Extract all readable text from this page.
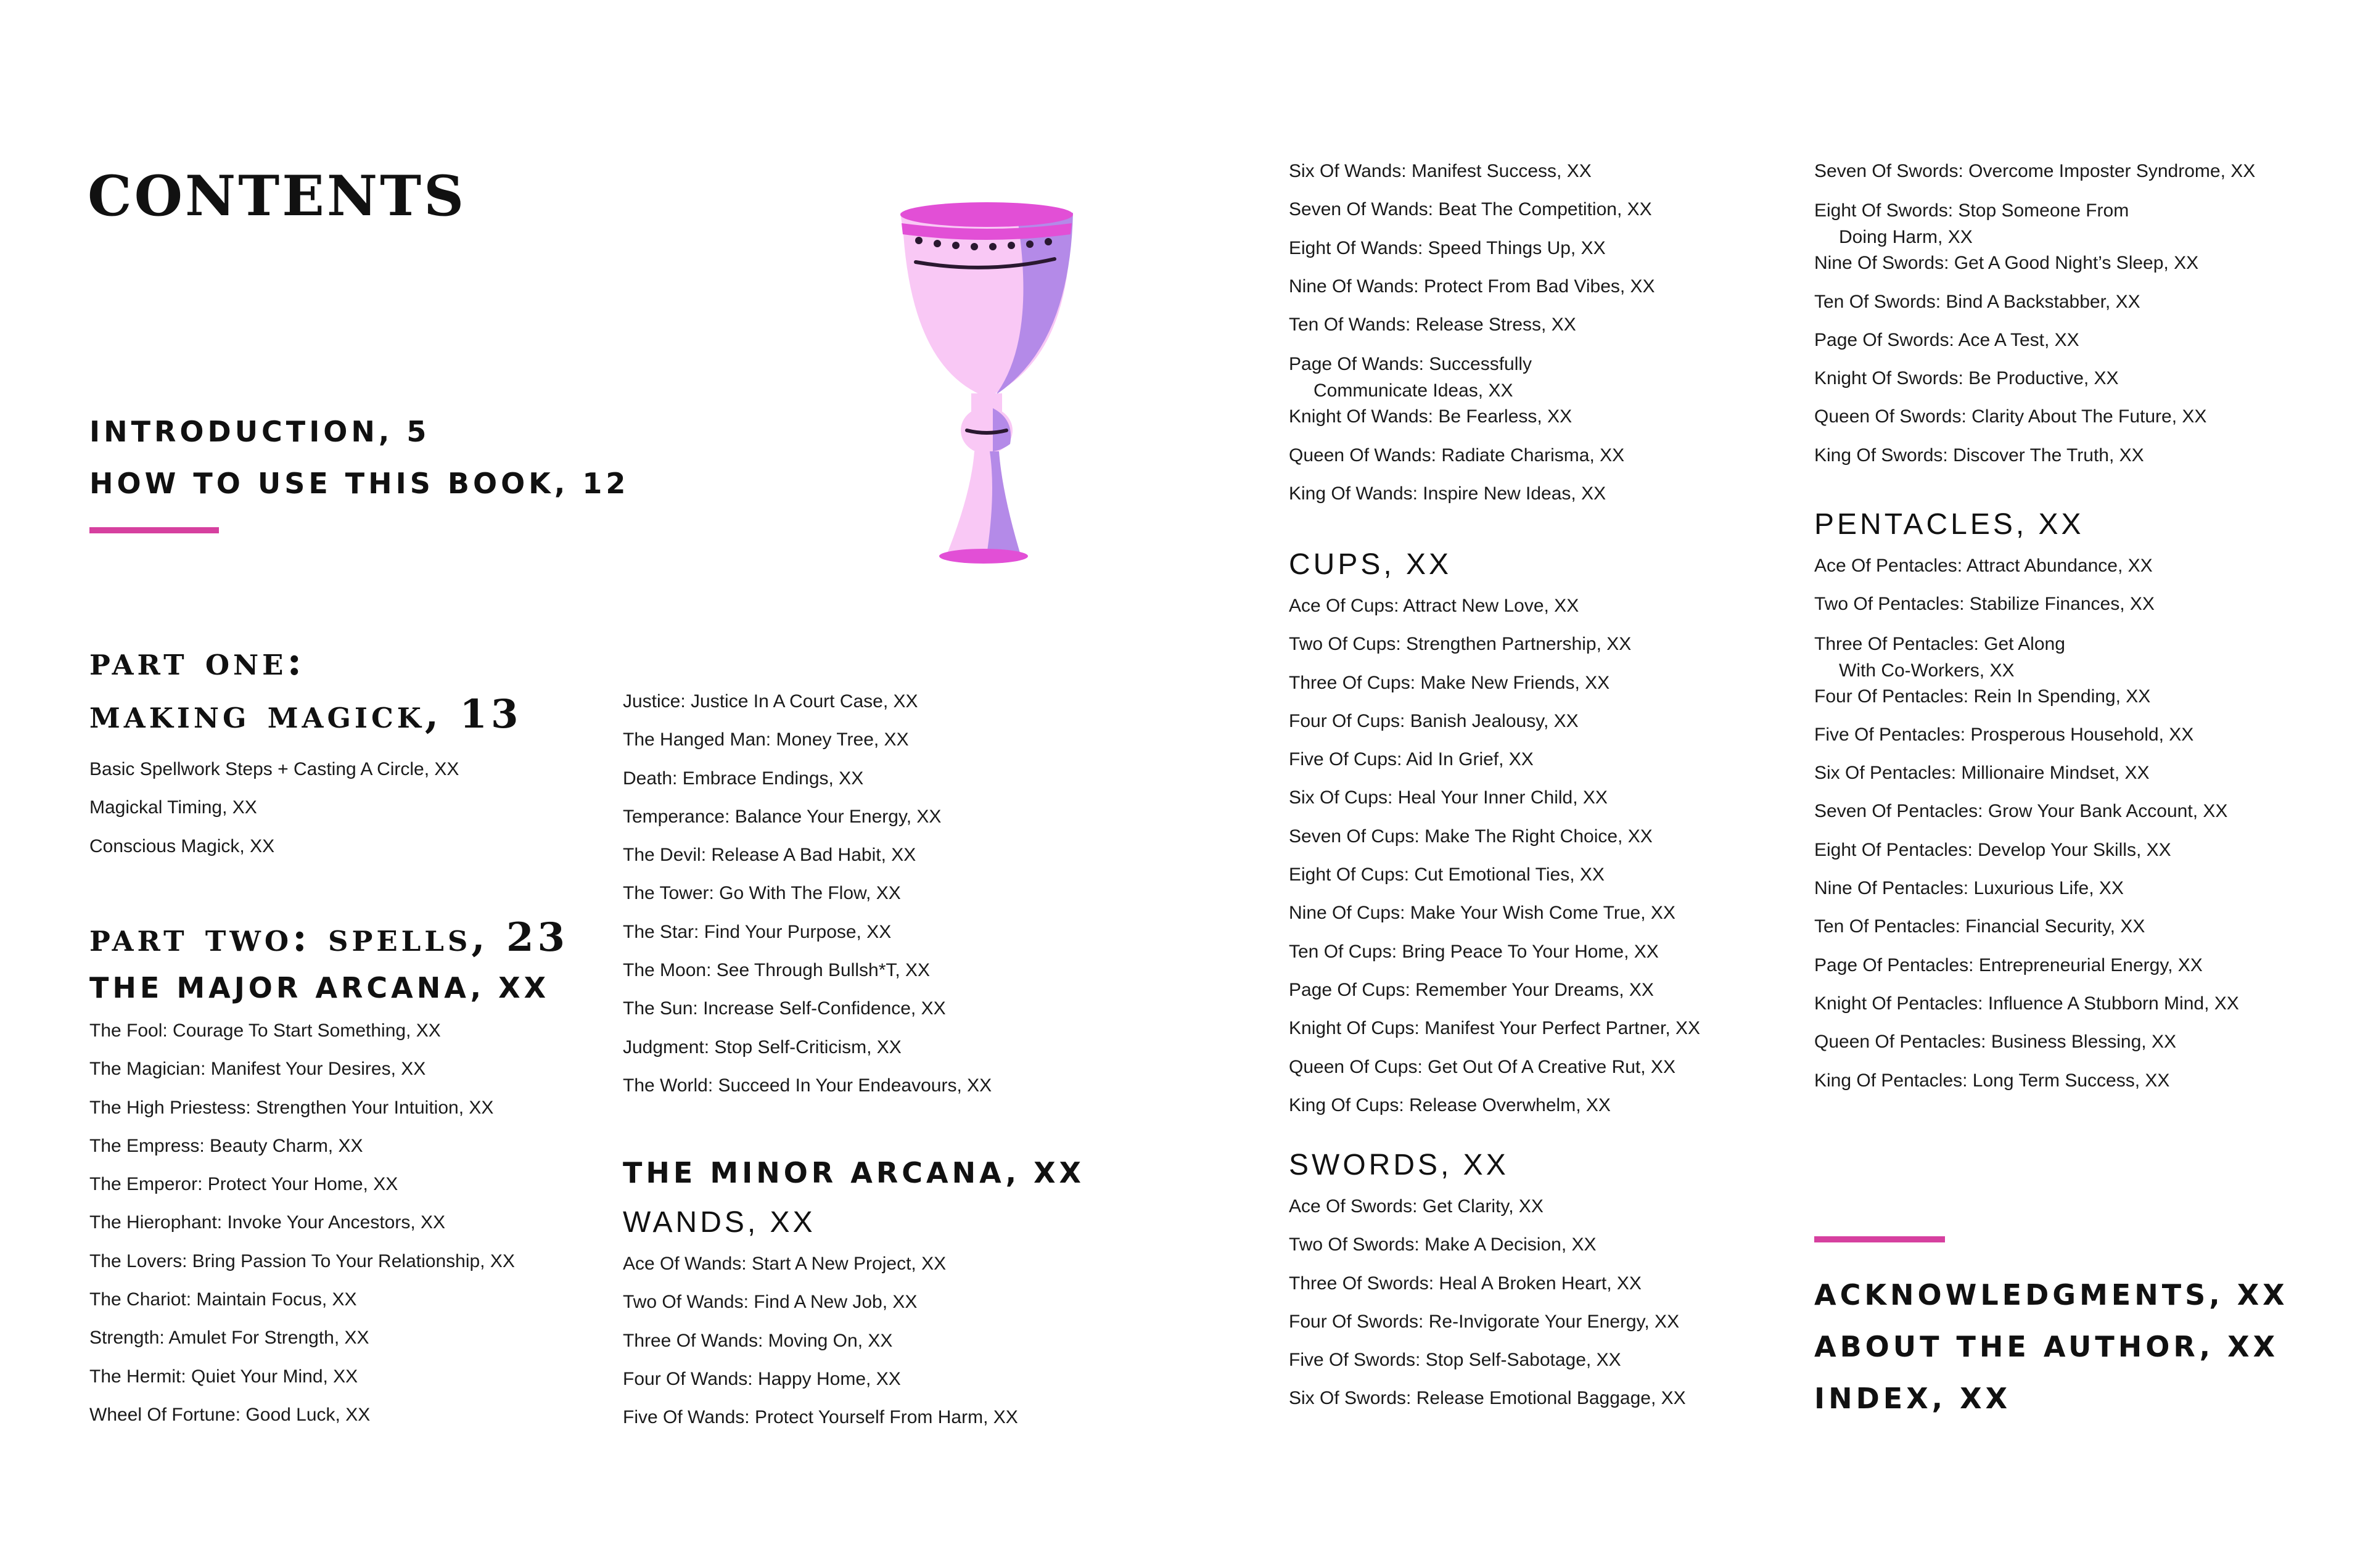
contents
INTRODUCTION, 5
HOW TO USE THIS BOOK, 12
part one:
making magick, 13
Basic Spellwork Steps + Casting A Circle, XX
Magickal Timing, XX
Conscious Magick, XX
part two: spells, 23
THE MAJOR ARCANA, XX
The Fool: Courage To Start Something, XX
The Magician: Manifest Your Desires, XX
The High Priestess: Strengthen Your Intuition, XX
The Empress: Beauty Charm, XX
The Emperor: Protect Your Home, XX
The Hierophant: Invoke Your Ancestors, XX
The Lovers: Bring Passion To Your Relationship, XX
The Chariot: Maintain Focus, XX
Strength: Amulet For Strength, XX
The Hermit: Quiet Your Mind, XX
Wheel Of Fortune: Good Luck, XX
Justice: Justice In A Court Case, XX
The Hanged Man: Money Tree, XX
Death: Embrace Endings, XX
Temperance: Balance Your Energy, XX
The Devil: Release A Bad Habit, XX
The Tower: Go With The Flow, XX
The Star: Find Your Purpose, XX
The Moon: See Through Bullsh*T, XX
The Sun: Increase Self-Confidence, XX
Judgment: Stop Self-Criticism, XX
The World: Succeed In Your Endeavours, XX
THE MINOR ARCANA, XX
WANDS, XX
Ace Of Wands: Start A New Project, XX
Two Of Wands: Find A New Job, XX
Three Of Wands: Moving On, XX
Four Of Wands: Happy Home, XX
Five Of Wands: Protect Yourself From Harm, XX
Six Of Wands: Manifest Success, XX
Seven Of Wands: Beat The Competition, XX
Eight Of Wands: Speed Things Up, XX
Nine Of Wands: Protect From Bad Vibes, XX
Ten Of Wands: Release Stress, XX
Page Of Wands: Successfully
Communicate Ideas, XX
Knight Of Wands: Be Fearless, XX
Queen Of Wands: Radiate Charisma, XX
King Of Wands: Inspire New Ideas, XX
CUPS, XX
Ace Of Cups: Attract New Love, XX
Two Of Cups: Strengthen Partnership, XX
Three Of Cups: Make New Friends, XX
Four Of Cups: Banish Jealousy, XX
Five Of Cups: Aid In Grief, XX
Six Of Cups: Heal Your Inner Child, XX
Seven Of Cups: Make The Right Choice, XX
Eight Of Cups: Cut Emotional Ties, XX
Nine Of Cups: Make Your Wish Come True, XX
Ten Of Cups: Bring Peace To Your Home, XX
Page Of Cups: Remember Your Dreams, XX
Knight Of Cups: Manifest Your Perfect Partner, XX
Queen Of Cups: Get Out Of A Creative Rut, XX
King Of Cups: Release Overwhelm, XX
SWORDS, XX
Ace Of Swords: Get Clarity, XX
Two Of Swords: Make A Decision, XX
Three Of Swords: Heal A Broken Heart, XX
Four Of Swords: Re-Invigorate Your Energy, XX
Five Of Swords: Stop Self-Sabotage, XX
Six Of Swords: Release Emotional Baggage, XX
Seven Of Swords: Overcome Imposter Syndrome, XX
Eight Of Swords: Stop Someone From
Doing Harm, XX
Nine Of Swords: Get A Good Night’s Sleep, XX
Ten Of Swords: Bind A Backstabber, XX
Page Of Swords: Ace A Test, XX
Knight Of Swords: Be Productive, XX
Queen Of Swords: Clarity About The Future, XX
King Of Swords: Discover The Truth, XX
PENTACLES, XX
Ace Of Pentacles: Attract Abundance, XX
Two Of Pentacles: Stabilize Finances, XX
Three Of Pentacles: Get Along
With Co-Workers, XX
Four Of Pentacles: Rein In Spending, XX
Five Of Pentacles: Prosperous Household, XX
Six Of Pentacles: Millionaire Mindset, XX
Seven Of Pentacles: Grow Your Bank Account, XX
Eight Of Pentacles: Develop Your Skills, XX
Nine Of Pentacles: Luxurious Life, XX
Ten Of Pentacles: Financial Security, XX
Page Of Pentacles: Entrepreneurial Energy, XX
Knight Of Pentacles: Influence A Stubborn Mind, XX
Queen Of Pentacles: Business Blessing, XX
King Of Pentacles: Long Term Success, XX
ACKNOWLEDGMENTS, XX
ABOUT THE AUTHOR, XX
INDEX, XX
